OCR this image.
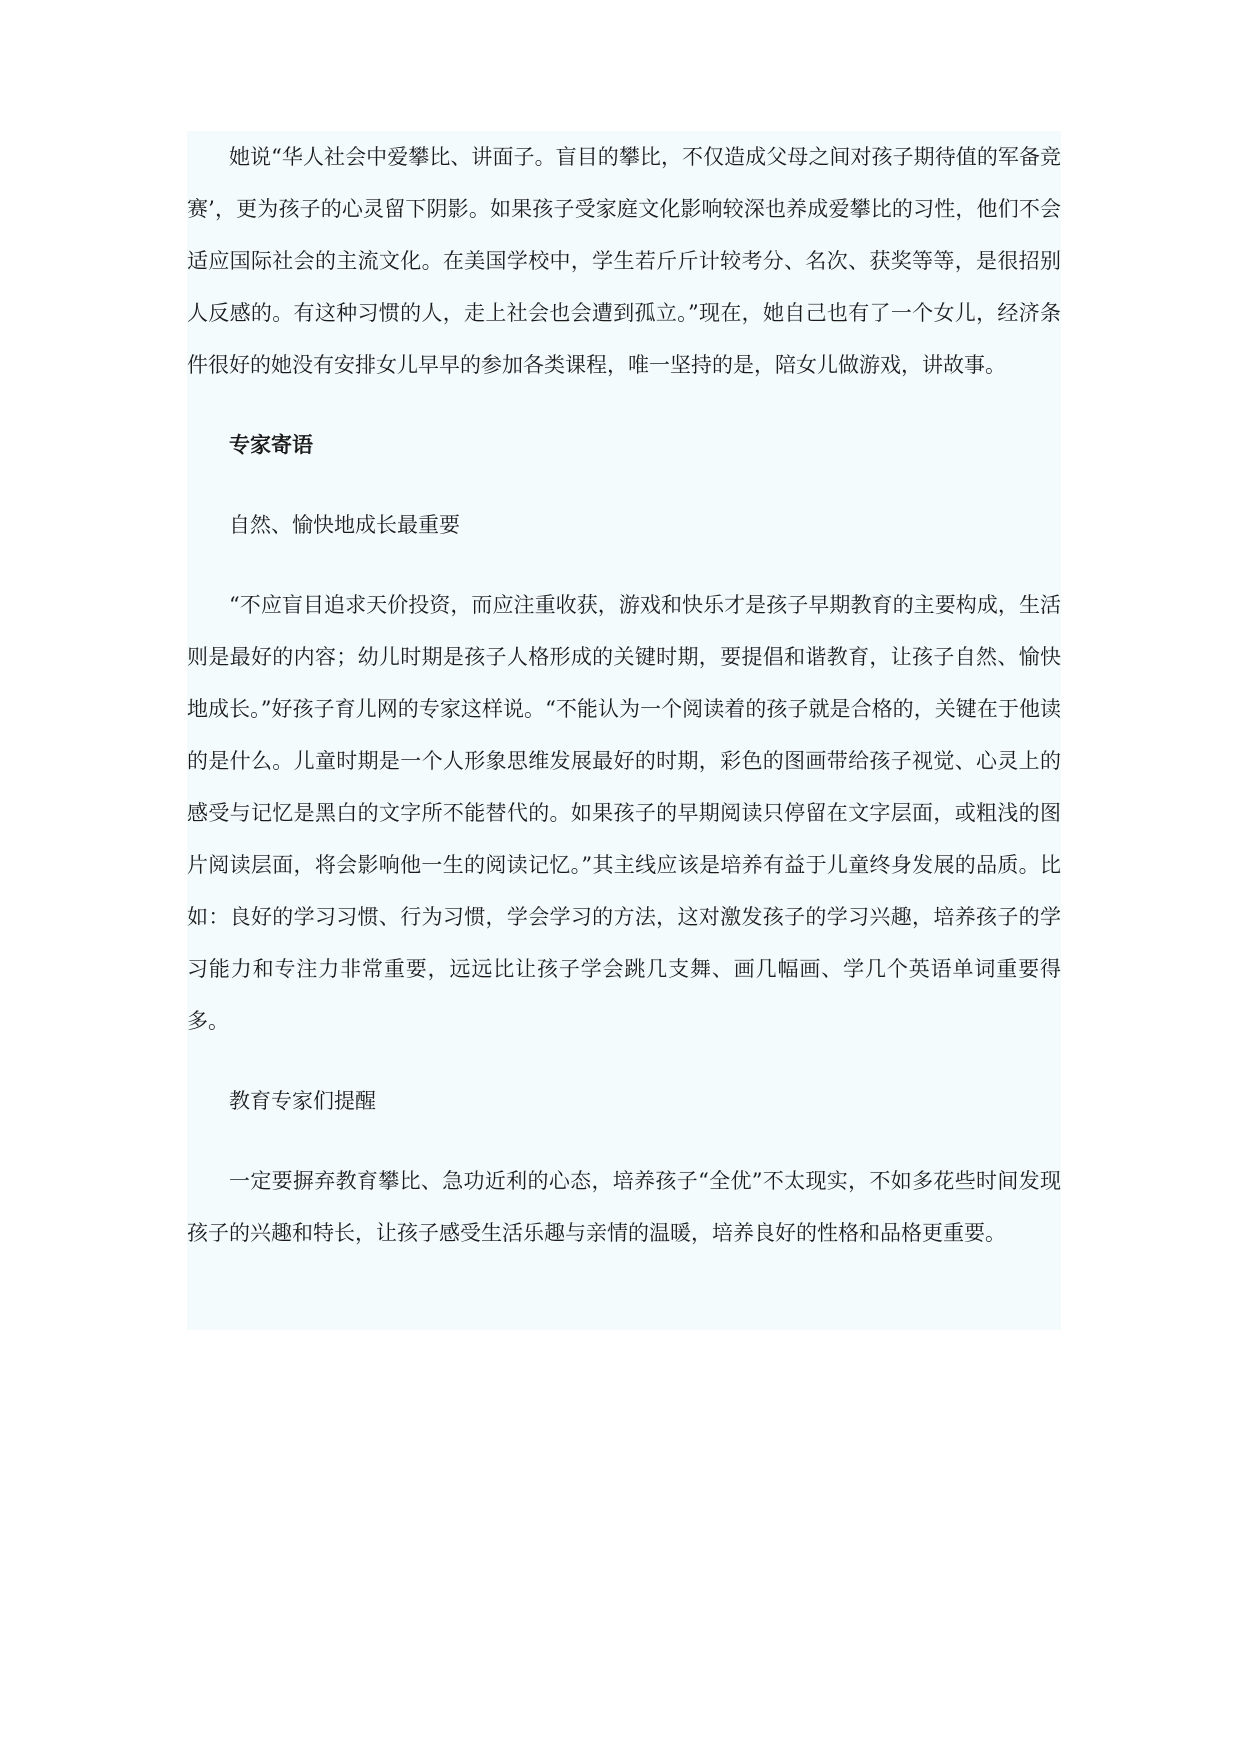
她说“华人社会中爱攀比、讲面子。盲目的攀比，不仅造成父母之间对孩子期待值的军备竞赛’，更为孩子的心灵留下阴影。如果孩子受家庭文化影响较深也养成爱攀比的习性，他们不会适应国际社会的主流文化。在美国学校中，学生若斤斤计较考分、名次、获奖等等，是很招别人反感的。有这种习惯的人，走上社会也会遭到孤立。”现在，她自己也有了一个女儿，经济条件很好的她没有安排女儿早早的参加各类课程，唯一坚持的是，陪女儿做游戏，讲故事。

专家寄语

自然、愉快地成长最重要

“不应盲目追求天价投资，而应注重收获，游戏和快乐才是孩子早期教育的主要构成，生活则是最好的内容；幼儿时期是孩子人格形成的关键时期，要提倡和谐教育，让孩子自然、愉快地成长。”好孩子育儿网的专家这样说。“不能认为一个阅读着的孩子就是合格的，关键在于他读的是什么。儿童时期是一个人形象思维发展最好的时期，彩色的图画带给孩子视觉、心灵上的感受与记忆是黑白的文字所不能替代的。如果孩子的早期阅读只停留在文字层面，或粗浅的图片阅读层面，将会影响他一生的阅读记忆。”其主线应该是培养有益于儿童终身发展的品质。比如：良好的学习习惯、行为习惯，学会学习的方法，这对激发孩子的学习兴趣，培养孩子的学习能力和专注力非常重要，远远比让孩子学会跳几支舞、画几幅画、学几个英语单词重要得多。

教育专家们提醒

一定要摒弃教育攀比、急功近利的心态，培养孩子“全优”不太现实，不如多花些时间发现孩子的兴趣和特长，让孩子感受生活乐趣与亲情的温暖，培养良好的性格和品格更重要。
